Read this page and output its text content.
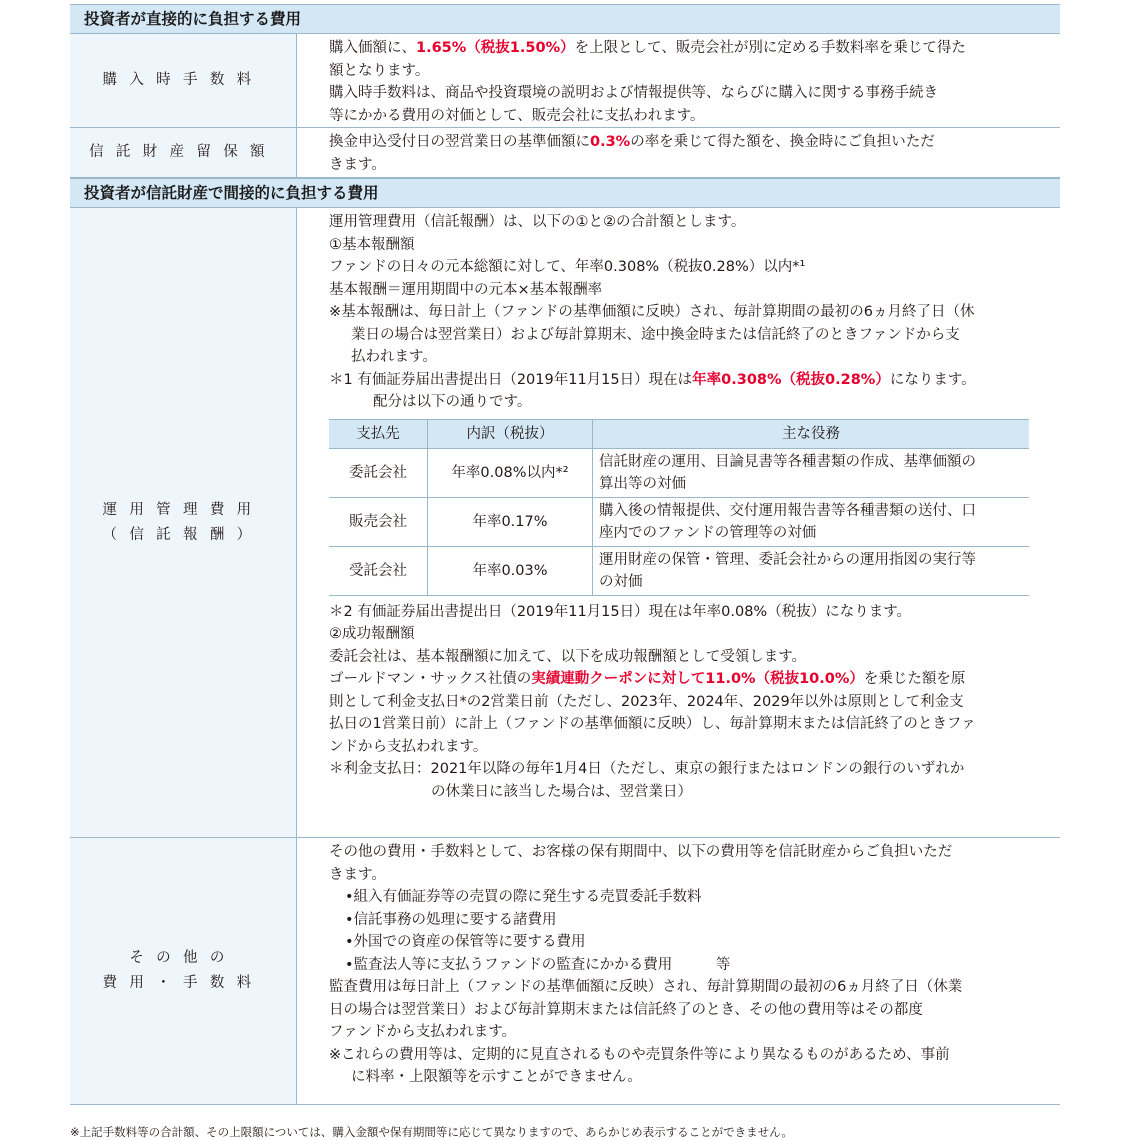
投資者が直接的に負担する費用
購入時手数料

購入価額に、1.65%（税抜1.50%）を上限として、販売会社が別に定める手数料率を乗じて得た

額となります。

購入時手数料は、商品や投資環境の説明および情報提供等、ならびに購入に関する事務手続き

等にかかる費用の対価として、販売会社に支払われます。

信託財産留保額

換金申込受付日の翌営業日の基準価額に0.3%の率を乗じて得た額を、換金時にご負担いただ

きます。

投資者が信託財産で間接的に負担する費用
運用管理費用
（信託報酬）

運用管理費用（信託報酬）は、以下の①と②の合計額とします。

①基本報酬額

ファンドの日々の元本総額に対して、年率0.308%（税抜0.28%）以内*¹

基本報酬＝運用期間中の元本×基本報酬率

※基本報酬は、毎日計上（ファンドの基準価額に反映）され、毎計算期間の最初の6ヵ月終了日（休

業日の場合は翌営業日）および毎計算期末、途中換金時または信託終了のときファンドから支

払われます。

＊1 有価証券届出書提出日（2019年11月15日）現在は年率0.308%（税抜0.28%）になります。

配分は以下の通りです。

支払先	内訳（税抜）	主な役務
委託会社	年率0.08%以内*²	信託財産の運用、目論見書等各種書類の作成、基準価額の
算出等の対価

販売会社	年率0.17%	購入後の情報提供、交付運用報告書等各種書類の送付、口
座内でのファンドの管理等の対価

受託会社	年率0.03%	運用財産の保管・管理、委託会社からの運用指図の実行等
の対価

＊2 有価証券届出書提出日（2019年11月15日）現在は年率0.08%（税抜）になります。

②成功報酬額

委託会社は、基本報酬額に加えて、以下を成功報酬額として受領します。

ゴールドマン・サックス社債の実績連動クーポンに対して11.0%（税抜10.0%）を乗じた額を原

則として利金支払日*の2営業日前（ただし、2023年、2024年、2029年以外は原則として利金支

払日の1営業日前）に計上（ファンドの基準価額に反映）し、毎計算期末または信託終了のときファ

ンドから支払われます。

＊利金支払日：2021年以降の毎年1月4日（ただし、東京の銀行またはロンドンの銀行のいずれか

の休業日に該当した場合は、翌営業日）

その他の
費用・手数料

その他の費用・手数料として、お客様の保有期間中、以下の費用等を信託財産からご負担いただ

きます。

•組入有価証券等の売買の際に発生する売買委託手数料

•信託事務の処理に要する諸費用

•外国での資産の保管等に要する費用

•監査法人等に支払うファンドの監査にかかる費用　　　等

監査費用は毎日計上（ファンドの基準価額に反映）され、毎計算期間の最初の6ヵ月終了日（休業

日の場合は翌営業日）および毎計算期末または信託終了のとき、その他の費用等はその都度

ファンドから支払われます。

※これらの費用等は、定期的に見直されるものや売買条件等により異なるものがあるため、事前

に料率・上限額等を示すことができません。

※上記手数料等の合計額、その上限額については、購入金額や保有期間等に応じて異なりますので、あらかじめ表示することができません。
